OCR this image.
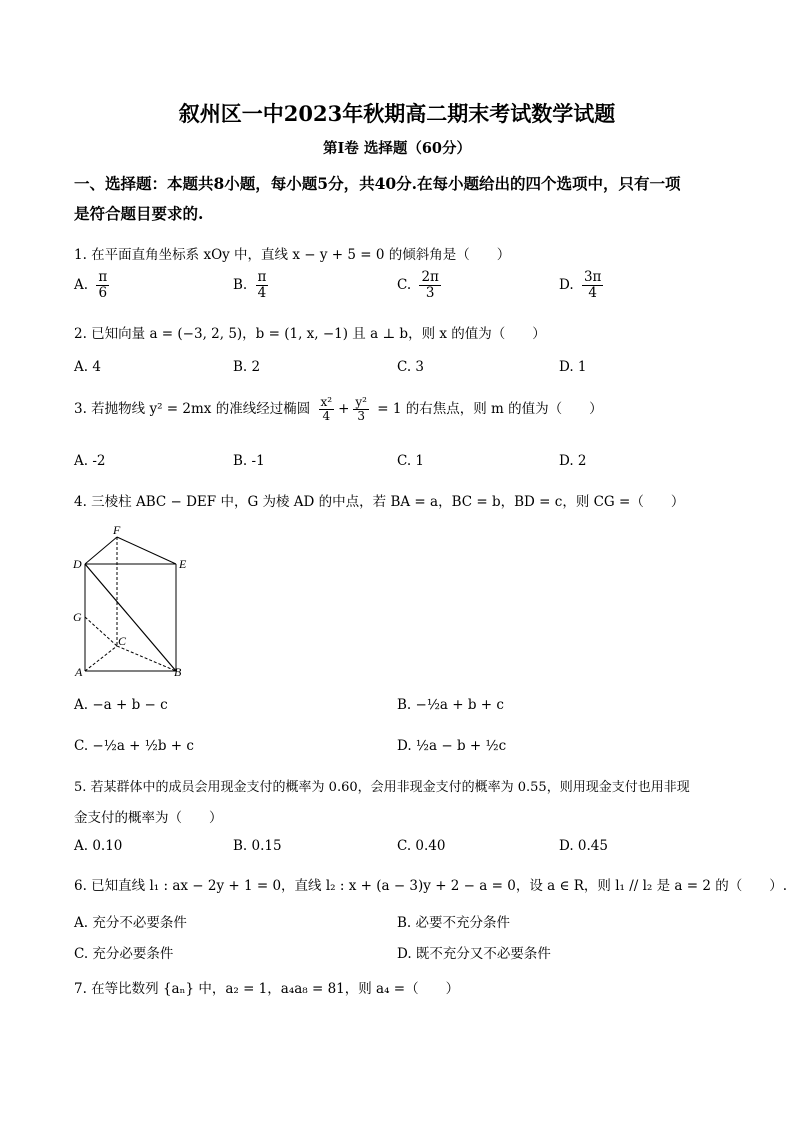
叙州区一中2023年秋期高二期末考试数学试题
第I卷 选择题（60分）
一、选择题：本题共8小题，每小题5分，共40分.在每小题给出的四个选项中，只有一项
是符合题目要求的.
1. 在平面直角坐标系 xOy 中，直线 x − y + 5 = 0 的倾斜角是（　　）
A. $\frac{\pi}{6}$	B. $\frac{\pi}{4}$	C. $\frac{2\pi}{3}$	D. $\frac{3\pi}{4}$
2. 已知向量 a = (−3, 2, 5)，b = (1, x, −1) 且 a ⊥ b，则 x 的值为（　　）
A. 4	B. 2	C. 3	D. 1
3. 若抛物线 y² = 2mx 的准线经过椭圆 $\frac{\text{x²}}{4} + \frac{\text{y²}}{3} = 1$ 的右焦点，则 m 的值为（　　）
A. -2	B. -1	C. 1	D. 2
4. 三棱柱 ABC − DEF 中，G 为棱 AD 的中点，若 BA = a，BC = b，BD = c，则 CG =（　　）
F
D	E
G
C
A	B
A. −a + b − c	B. −½a + b + c
C. −½a + ½b + c	D. ½a − b + ½c
5. 若某群体中的成员会用现金支付的概率为 0.60，会用非现金支付的概率为 0.55，则用现金支付也用非现
金支付的概率为（　　）
A. 0.10	B. 0.15	C. 0.40	D. 0.45
6. 已知直线 l₁ : ax − 2y + 1 = 0，直线 l₂ : x + (a − 3)y + 2 − a = 0，设 a ∈ R，则 l₁ // l₂ 是 a = 2 的（　　）.
A. 充分不必要条件	B. 必要不充分条件
C. 充分必要条件	D. 既不充分又不必要条件
7. 在等比数列 {aₙ} 中，a₂ = 1，a₄a₈ = 81，则 a₄ =（　　）
